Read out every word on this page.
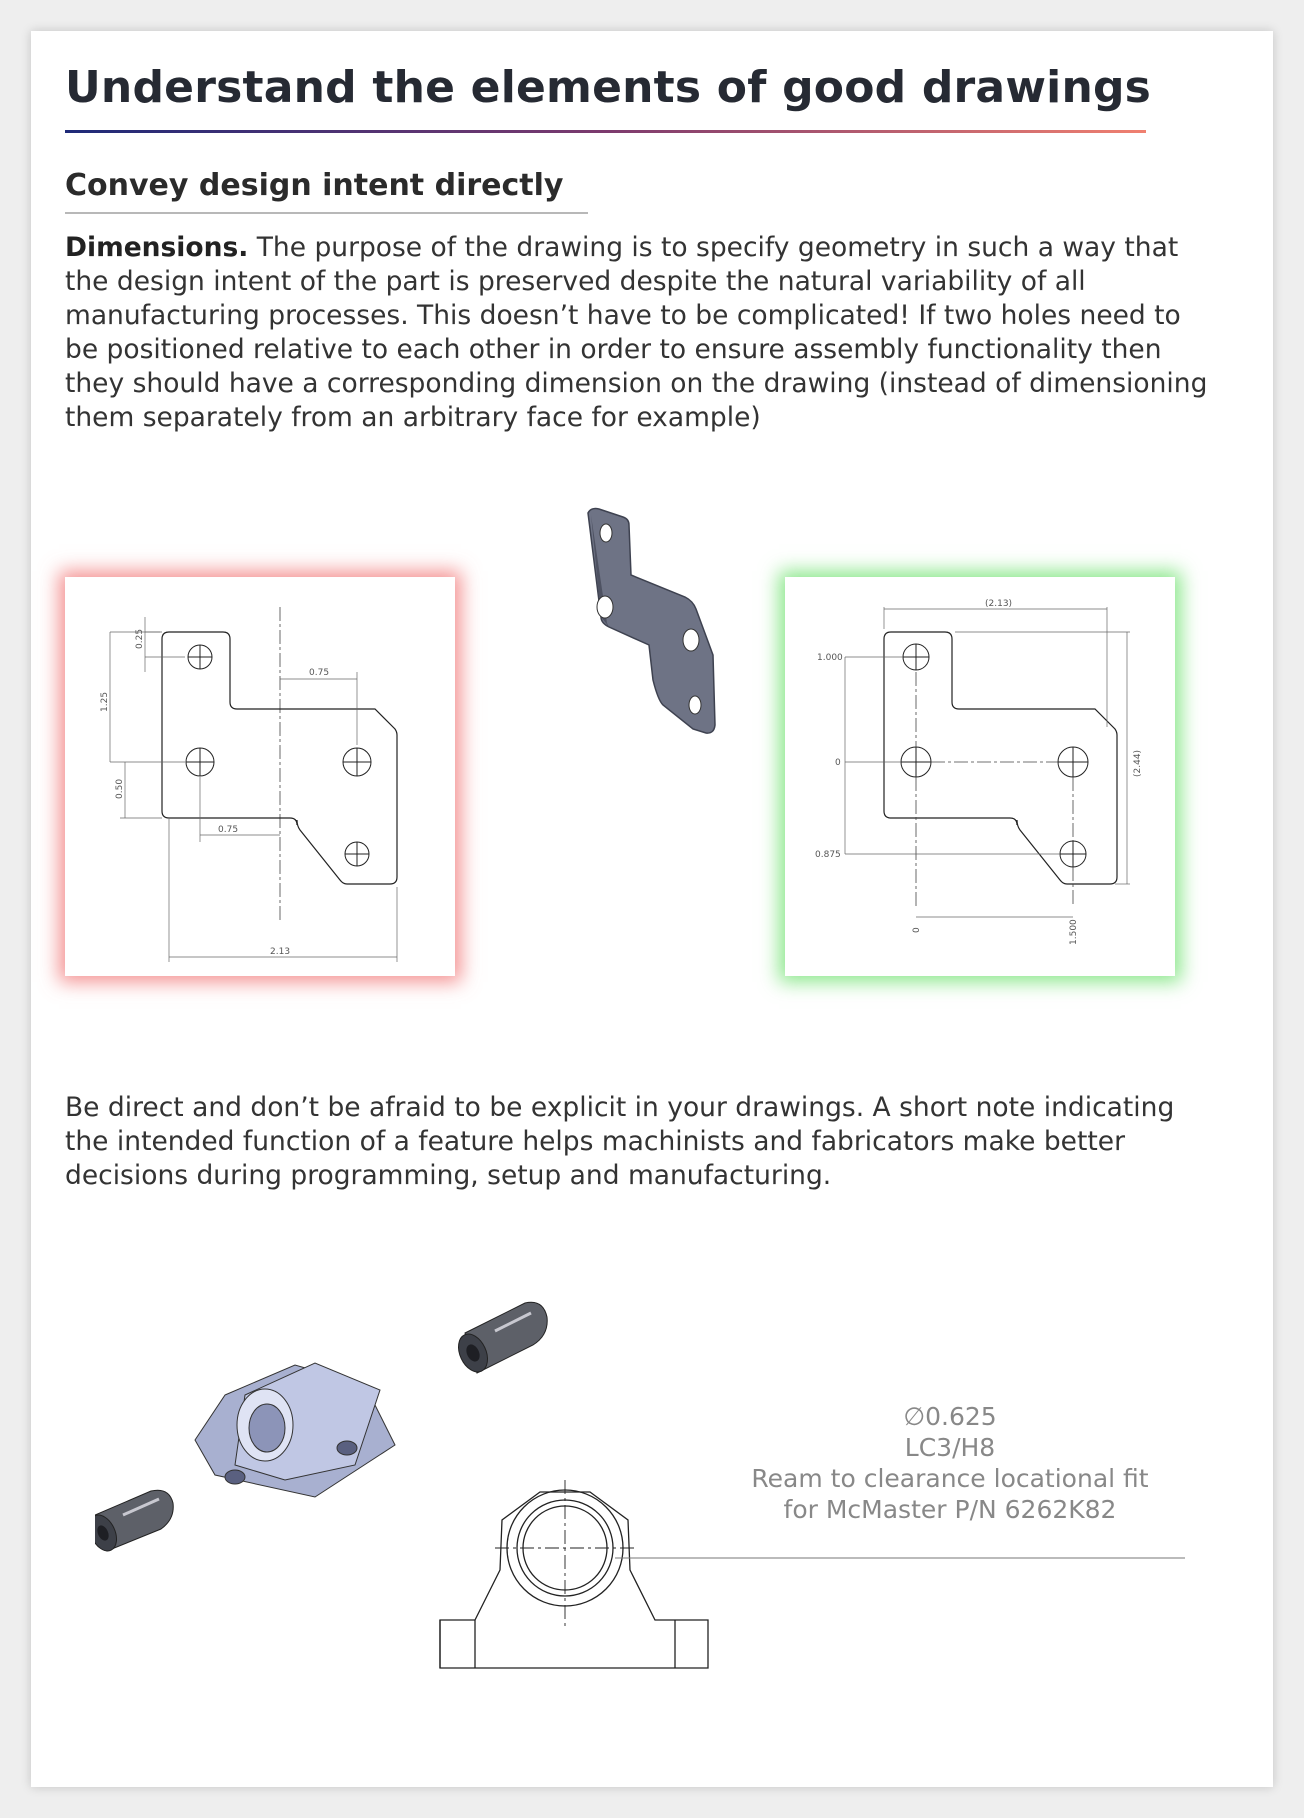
Understand the elements of good drawings
Convey design intent directly

Dimensions. The purpose of the drawing is to specify geometry in such a way that the design intent of the part is preserved despite the natural variability of all manufacturing processes. This doesn’t have to be complicated! If two holes need to be positioned relative to each other in order to ensure assembly functionality then they should have a corresponding dimension on the drawing (instead of dimensioning them separately from an arbitrary face for example)

0.25
0.75
1.25
0.50
0.75
2.13
(2.13)
1.000
0	(2.44)
0.875
0	1.500

Be direct and don’t be afraid to be explicit in your drawings. A short note indicating the intended function of a feature helps machinists and fabricators make better decisions during programming, setup and manufacturing.

∅0.625
LC3/H8
Ream to clearance locational fit
for McMaster P/N 6262K82
